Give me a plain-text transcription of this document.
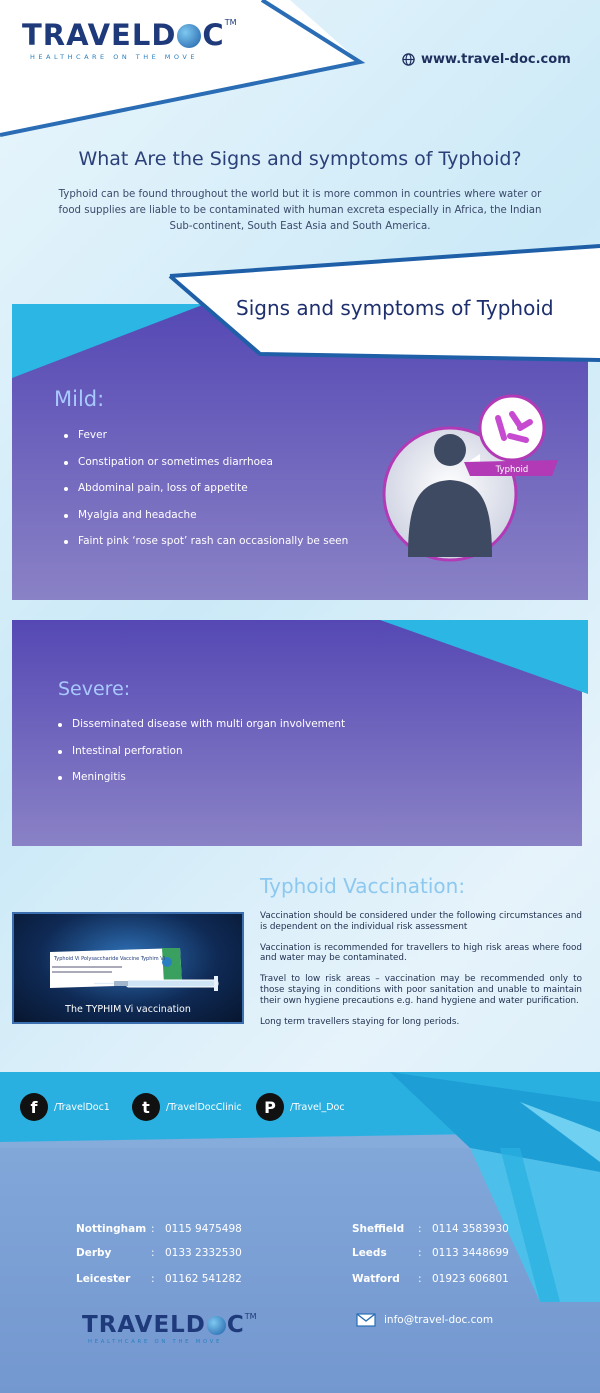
TRAVELD C™
HEALTHCARE ON THE MOVE	www.travel-doc.com
What Are the Signs and symptoms of Typhoid?
Typhoid can be found throughout the world but it is more common in countries where water or food supplies are liable to be contaminated with human excreta especially in Africa, the Indian Sub-continent, South East Asia and South America.
Signs and symptoms of Typhoid
Mild:
Fever
Constipation or sometimes diarrhoea
Abdominal pain, loss of appetite
Myalgia and headache
Faint pink ‘rose spot’ rash can occasionally be seen
Typhoid
Severe:
Disseminated disease with multi organ involvement
Intestinal perforation
Meningitis
Typhoid Vaccination:
Typhoid Vi Polysaccharide Vaccine Typhim Vi
The TYPHIM Vi vaccination

Vaccination should be considered under the following circumstances and is dependent on the individual risk assessment

Vaccination is recommended for travellers to high risk areas where food and water may be contaminated.

Travel to low risk areas – vaccination may be recommended only to those staying in conditions with poor sanitation and unable to maintain their own hygiene precautions e.g. hand hygiene and water purification.

Long term travellers staying for long periods.

f	/TravelDoc1	t	/TravelDocClinic	P	/Travel_Doc
Nottingham : 0115 9475498
Derby	: 0133 2332530
Leicester : 01162 541282
Sheffield : 0114 3583930
Leeds	: 0113 3448699
Watford : 01923 606801
TRAVELD C™
HEALTHCARE ON THE MOVE
info@travel-doc.com
